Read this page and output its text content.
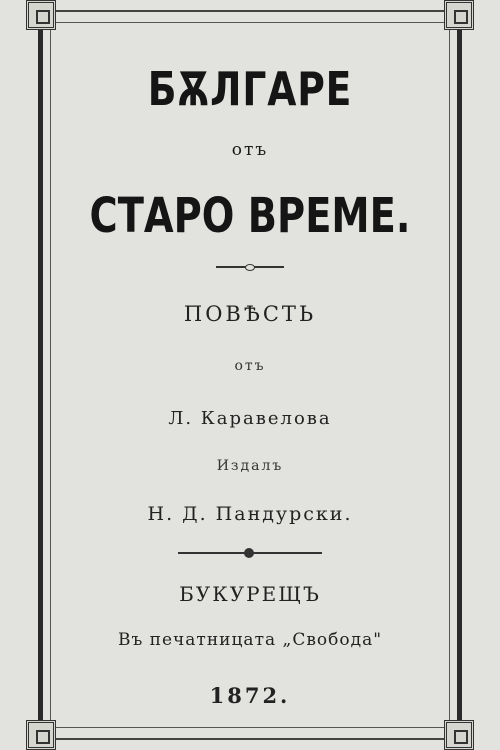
БѪЛГАРЕ
отъ
СТАРО ВРЕМЕ.
ПОВѢСТЬ
отъ
Л. Каравелова
Издалъ
Н. Д. Пандурски.
БУКУРЕЩЪ
Въ печатницата „Свобода"
1872.
